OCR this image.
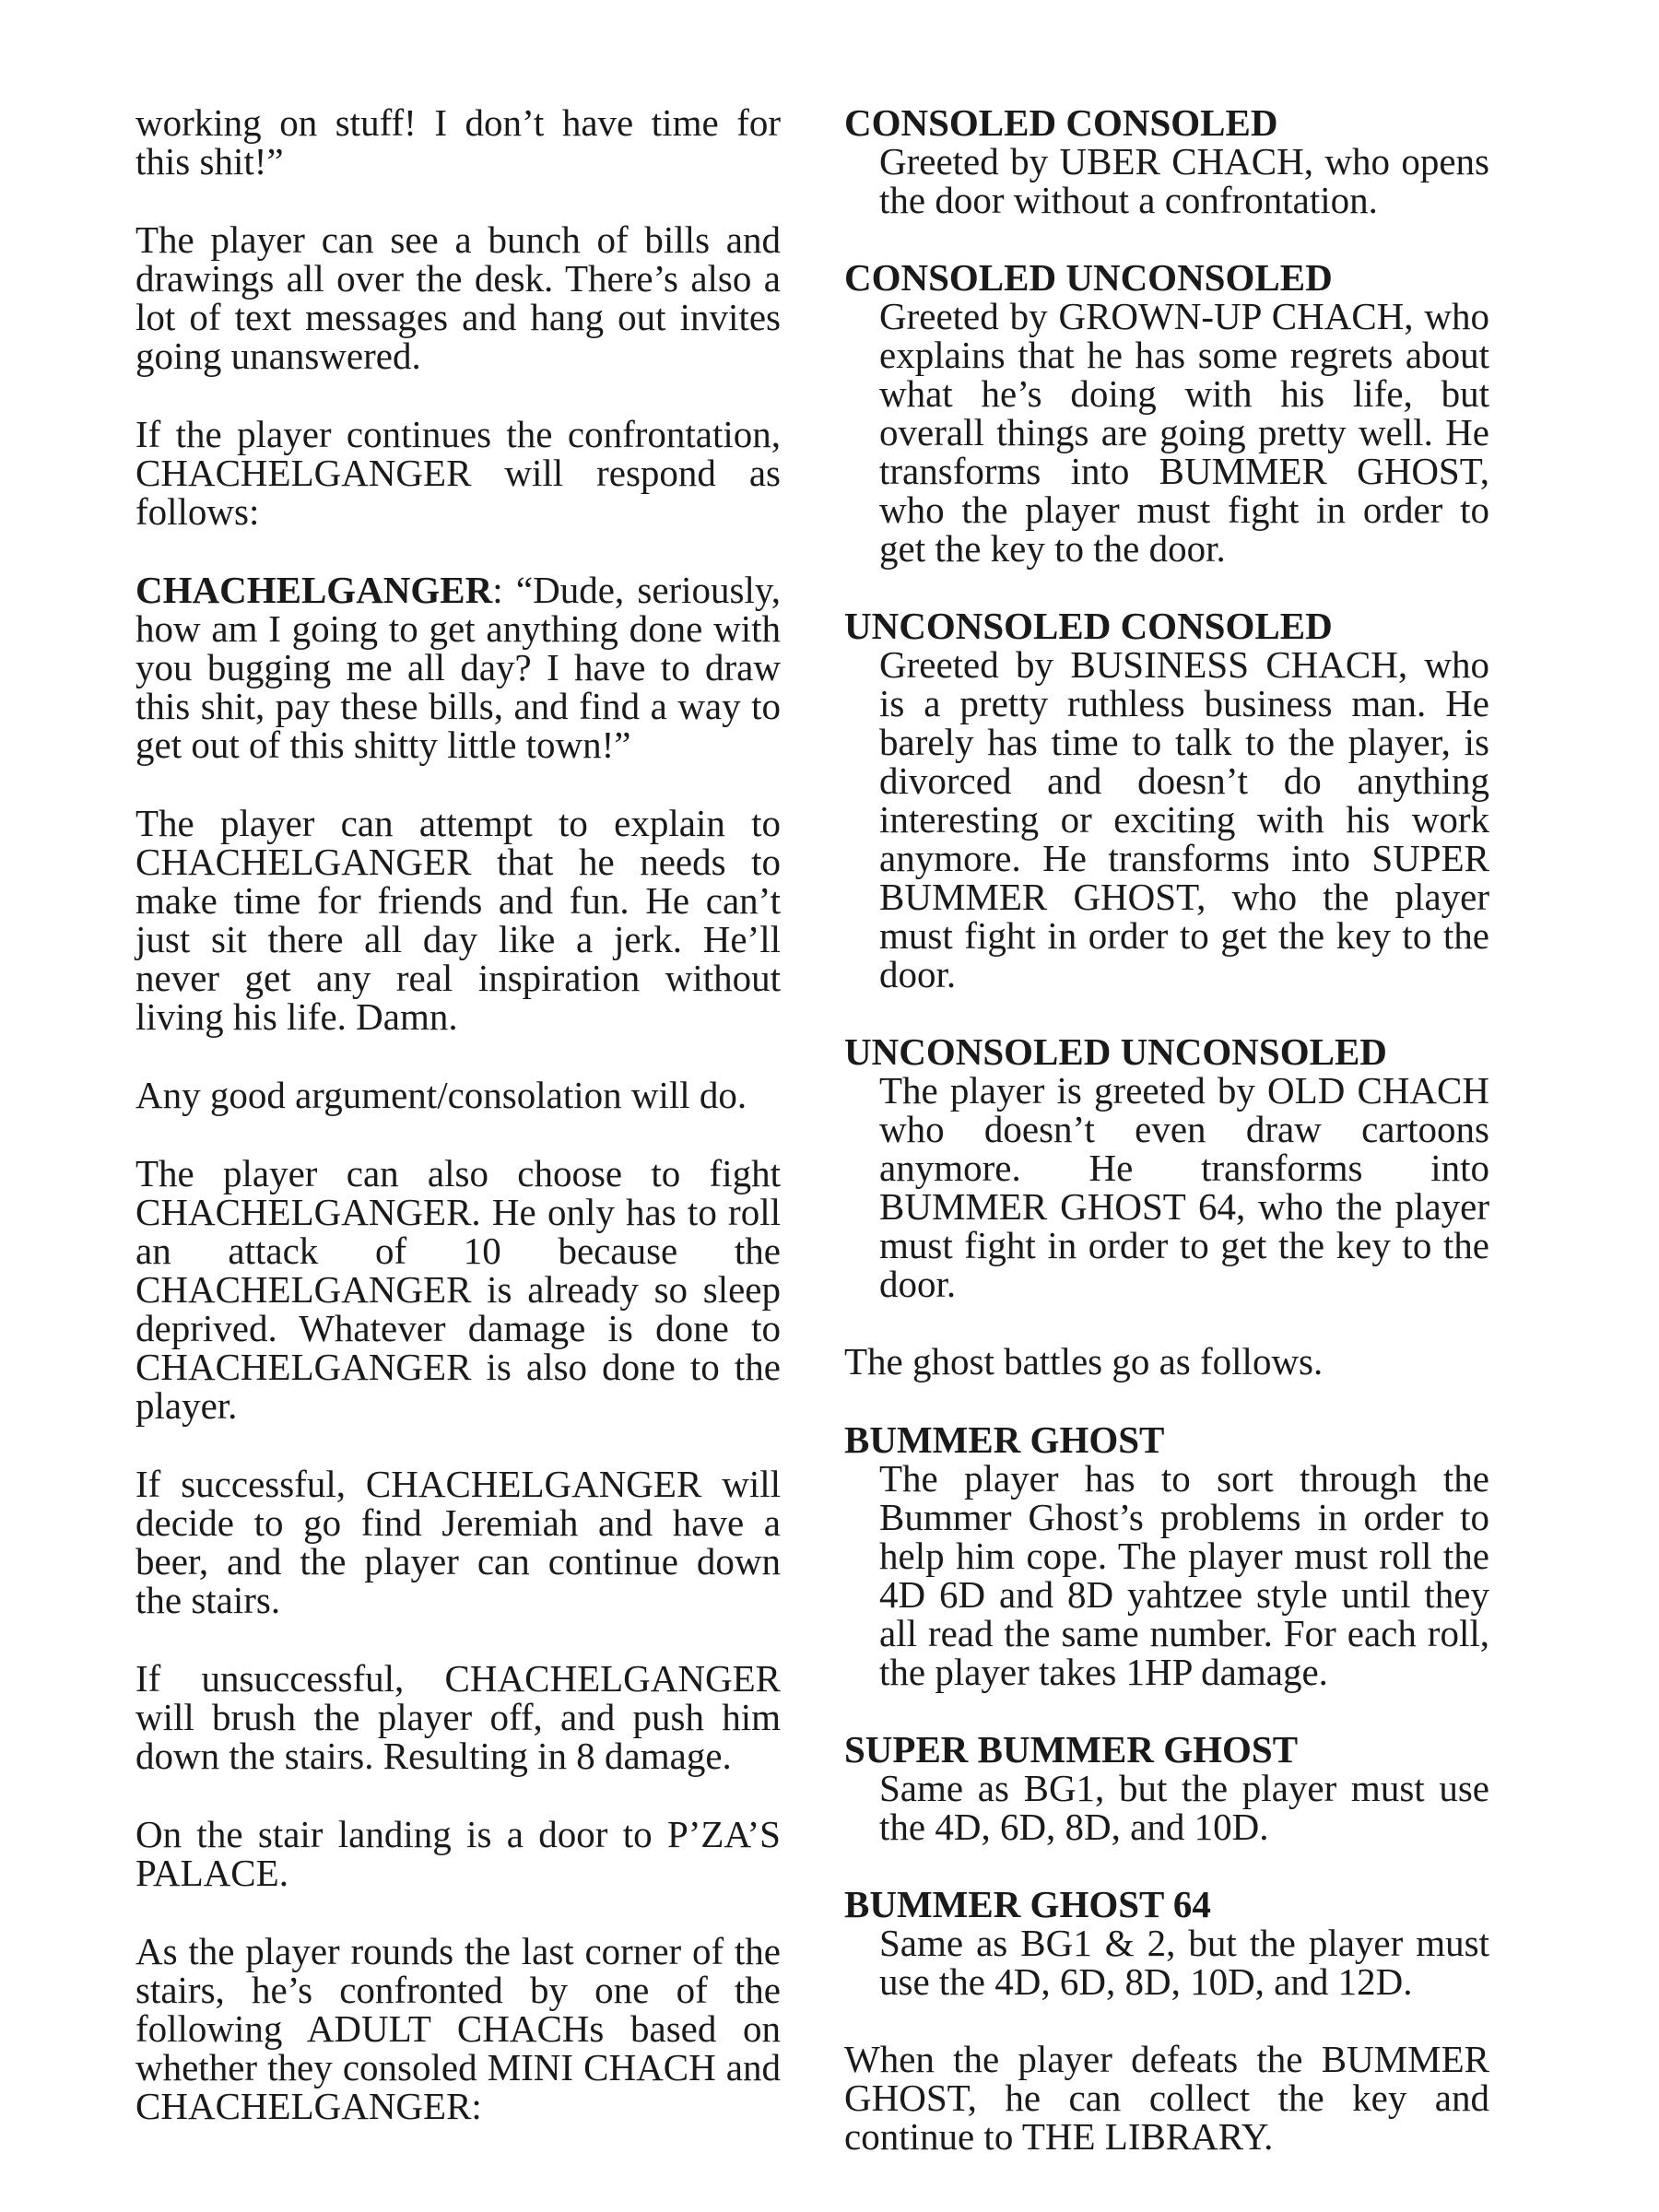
working on stuff! I don’t have time for this shit!”

The player can see a bunch of bills and drawings all over the desk. There’s also a lot of text messages and hang out invites going unanswered.

If the player continues the confrontation, CHACHELGANGER will respond as follows:

CHACHELGANGER: “Dude, seriously, how am I going to get anything done with you bugging me all day? I have to draw this shit, pay these bills, and find a way to get out of this shitty little town!”

The player can attempt to explain to CHACHELGANGER that he needs to make time for friends and fun. He can’t just sit there all day like a jerk. He’ll never get any real inspiration without living his life. Damn.

Any good argument/consolation will do.

The player can also choose to fight CHACHELGANGER. He only has to roll an attack of 10 because the CHACHELGANGER is already so sleep deprived. Whatever damage is done to CHACHELGANGER is also done to the player.

If successful, CHACHELGANGER will decide to go find Jeremiah and have a beer, and the player can continue down the stairs.

If unsuccessful, CHACHELGANGER will brush the player off, and push him down the stairs. Resulting in 8 damage.

On the stair landing is a door to P’ZA’S PALACE.

As the player rounds the last corner of the stairs, he’s confronted by one of the following ADULT CHACHs based on whether they consoled MINI CHACH and CHACHELGANGER:

CONSOLED CONSOLED

Greeted by UBER CHACH, who opens the door without a confrontation.

CONSOLED UNCONSOLED

Greeted by GROWN-UP CHACH, who explains that he has some regrets about what he’s doing with his life, but overall things are going pretty well. He transforms into BUMMER GHOST, who the player must fight in order to get the key to the door.

UNCONSOLED CONSOLED

Greeted by BUSINESS CHACH, who is a pretty ruthless business man. He barely has time to talk to the player, is divorced and doesn’t do anything interesting or exciting with his work anymore. He transforms into SUPER BUMMER GHOST, who the player must fight in order to get the key to the door.

UNCONSOLED UNCONSOLED

The player is greeted by OLD CHACH who doesn’t even draw cartoons anymore. He transforms into BUMMER GHOST 64, who the player must fight in order to get the key to the door.

The ghost battles go as follows.

BUMMER GHOST

The player has to sort through the Bummer Ghost’s problems in order to help him cope. The player must roll the 4D 6D and 8D yahtzee style until they all read the same number. For each roll, the player takes 1HP damage.

SUPER BUMMER GHOST

Same as BG1, but the player must use the 4D, 6D, 8D, and 10D.

BUMMER GHOST 64

Same as BG1 & 2, but the player must use the 4D, 6D, 8D, 10D, and 12D.

When the player defeats the BUMMER GHOST, he can collect the key and continue to THE LIBRARY.
